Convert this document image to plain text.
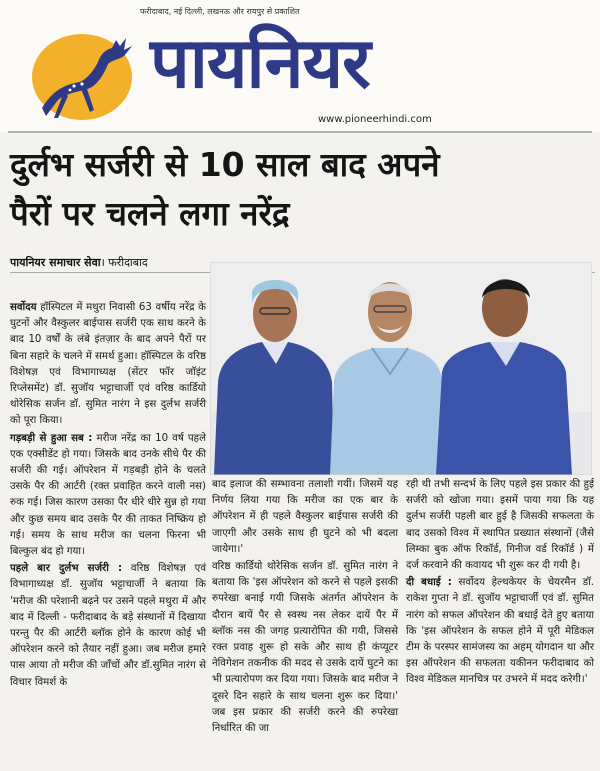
फरीदाबाद, नई दिल्ली, लखनऊ और रायपुर से प्रकाशित
पायनियर
www.pioneerhindi.com
दुर्लभ सर्जरी से 10 साल बाद अपने
पैरों पर चलने लगा नरेंद्र
पायनियर समाचार सेवा। फरीदाबाद

सर्वोदय हॉस्पिटल में मथुरा निवासी 63 वर्षीय नरेंद्र के घुटनों और वैस्कुलर बाईपास सर्जरी एक साथ करने के बाद 10 वर्षों के लंबे इंतज़ार के बाद अपने पैरों पर बिना सहारे के चलने में समर्थ हुआ। हॉस्पिटल के वरिष्ठ विशेषज्ञ एवं विभागाध्यक्ष (सेंटर फॉर जॉइंट रिप्लेसमेंट) डॉ. सुजॉय भट्टाचार्जी एवं वरिष्ठ कार्डियो थोरेसिक सर्जन डॉ. सुमित नारंग ने इस दुर्लभ सर्जरी को पूरा किया।

गड़बड़ी से हुआ सब : मरीज नरेंद्र का 10 वर्ष पहले एक एक्सीडेंट हो गया। जिसके बाद उनके सीधे पैर की सर्जरी की गई। ऑपरेशन में गड़बड़ी होने के चलते उसके पैर की आर्टरी (रक्त प्रवाहित करने वाली नस) रुक गई। जिस कारण उसका पैर धीरे धीरे सुन्न हो गया और कुछ समय बाद उसके पैर की ताकत निष्क्रिय हो गई। समय के साथ मरीज का चलना फिरना भी बिल्कुल बंद हो गया।

पहले बार दुर्लभ सर्जरी : वरिष्ठ विशेषज्ञ एवं विभागाध्यक्ष डॉ. सुजॉय भट्टाचार्जी ने बताया कि 'मरीज की परेशानी बढ़ने पर उसने पहले मथुरा में और बाद में दिल्ली - फरीदाबाद के बड़े संस्थानों में दिखाया परन्तु पैर की आर्टरी ब्लॉक होने के कारण कोई भी ऑपरेशन करने को तैयार नहीं हुआ। जब मरीज हमारे पास आया तो मरीज की जाँचों और डॉ.सुमित नारंग से विचार विमर्श के

बाद इलाज की सम्भावना तलाशी गयीं। जिसमें यह निर्णय लिया गया कि मरीज का एक बार के ऑपरेशन में ही पहले वैस्कुलर बाईपास सर्जरी की जाएगी और उसके साथ ही घुटने को भी बदला जायेगा।'

वरिष्ठ कार्डियो थोरेसिक सर्जन डॉ. सुमित नारंग ने बताया कि 'इस ऑपरेशन को करने से पहले इसकी रुपरेखा बनाई गयी जिसके अंतर्गत ऑपरेशन के दौरान बायें पैर से स्वस्थ नस लेकर दायें पैर में ब्लॉक नस की जगह प्रत्यारोपित की गयी, जिससे रक्त प्रवाह शुरू हो सके और साथ ही कंप्यूटर नेविगेशन तकनीक की मदद से उसके दायें घुटने का भी प्रत्यारोपण कर दिया गया। जिसके बाद मरीज ने दूसरे दिन सहारे के साथ चलना शुरू कर दिया।' जब इस प्रकार की सर्जरी करने की रुपरेखा निर्धारित की जा

रही थी तभी सन्दर्भ के लिए पहले इस प्रकार की हुई सर्जरी को खोजा गया। इसमें पाया गया कि यह दुर्लभ सर्जरी पहली बार हुई है जिसकी सफलता के बाद उसको विश्व में स्थापित प्रख्यात संस्थानों (जैसे लिम्का बुक ऑफ रिकॉर्ड, गिनीज वर्ड रिकॉर्ड ) में दर्ज करवाने की कवायद भी शुरू कर दी गयी है।

दी बधाई : सर्वोदय हेल्थकेयर के चेयरमैन डॉ. राकेश गुप्ता ने डॉ. सुजॉय भट्टाचार्जी एवं डॉ. सुमित नारंग को सफल ऑपरेशन की बधाई देते हुए बताया कि 'इस ऑपरेशन के सफल होने में पूरी मेडिकल टीम के परस्पर सामंजस्य का अहम् योगदान था और इस ऑपरेशन की सफलता यकीनन फरीदाबाद को विश्व मेडिकल मानचित्र पर उभरने में मदद करेगी।'
